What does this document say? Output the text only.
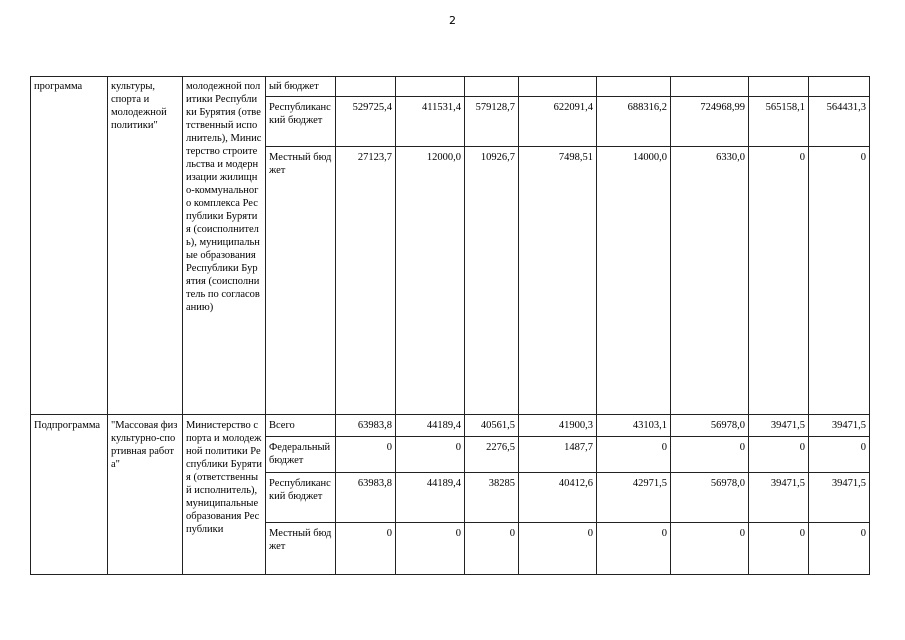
2
программа	культуры, спорта и молодежной политики"	молодежной политики Республики Бурятия (ответственный исполнитель), Министерство строительства и модернизации жилищно-коммунального комплекса Республики Бурятия (соисполнитель), муниципальные образования Республики Бурятия (соисполнитель по согласованию)	ый бюджет								
			Республиканский бюджет	529725,4	411531,4	579128,7	622091,4	688316,2	724968,99	565158,1	564431,3
			Местный бюджет	27123,7	12000,0	10926,7	7498,51	14000,0	6330,0	0	0
Подпрограмма	"Массовая физкультурно-спортивная работа"	Министерство спорта и молодежной политики Республики Бурятия (ответственный исполнитель), муниципальные образования Республики	Всего	63983,8	44189,4	40561,5	41900,3	43103,1	56978,0	39471,5	39471,5
			Федеральный бюджет	0	0	2276,5	1487,7	0	0	0	0
			Республиканский бюджет	63983,8	44189,4	38285	40412,6	42971,5	56978,0	39471,5	39471,5
			Местный бюджет	0	0	0	0	0	0	0	0
